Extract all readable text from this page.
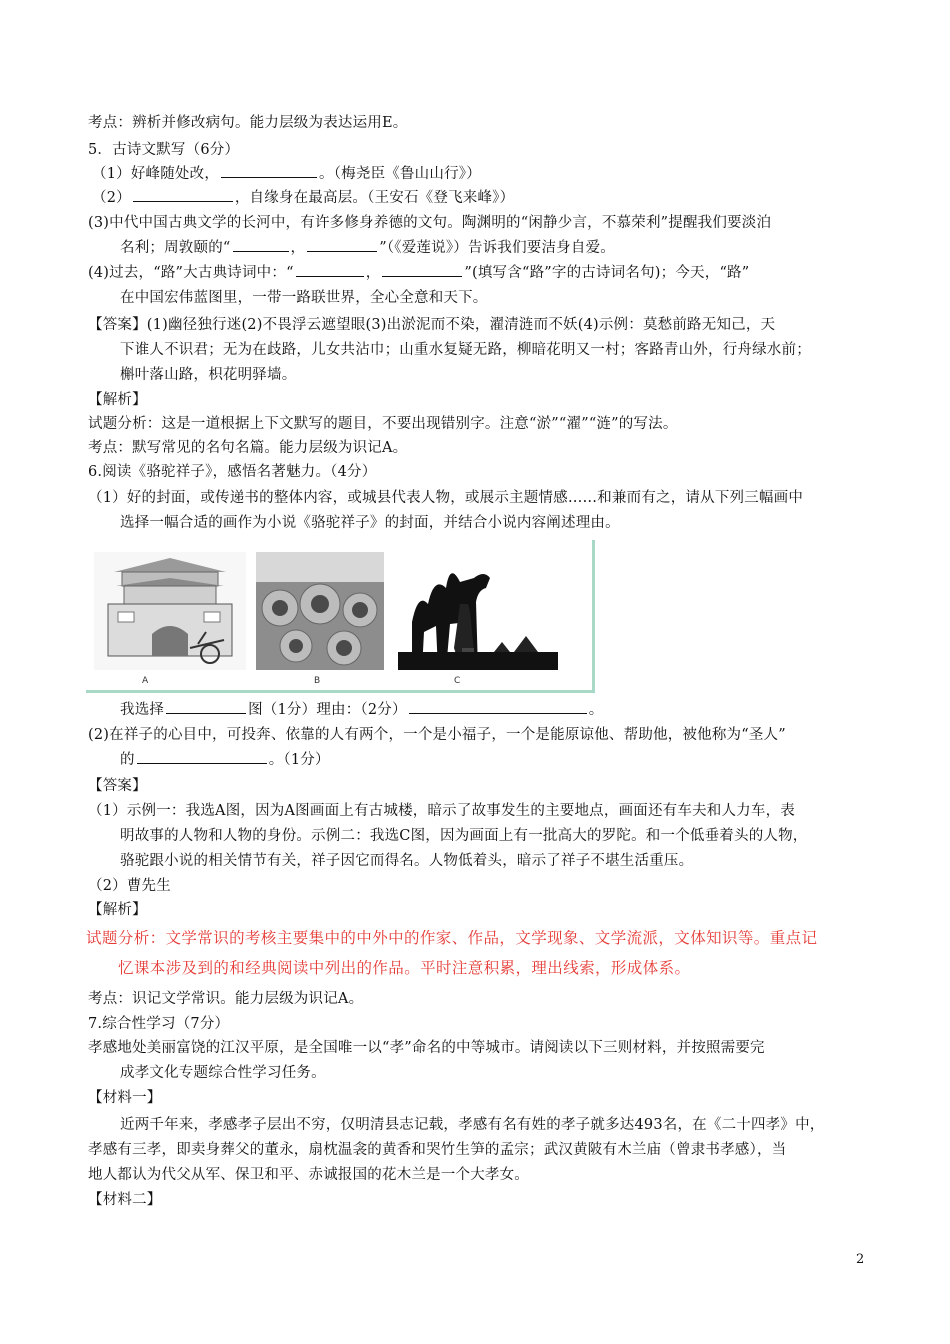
考点：辨析并修改病句。能力层级为表达运用E。
5．古诗文默写（6分）
（1）好峰随处改，	。（梅尧臣《鲁山山行》）
（2）	，自缘身在最高层。（王安石《登飞来峰》）
(3)中代中国古典文学的长河中，有许多修身养德的文句。陶渊明的“闲静少言，不慕荣利”提醒我们要淡泊
名利；周敦颐的“	，	”（《爱莲说》）告诉我们要洁身自爱。
(4)过去，“路”大古典诗词中：“	，	”(填写含“路”字的古诗词名句)；今天，“路”
在中国宏伟蓝图里，一带一路联世界，全心全意和天下。
【答案】(1)幽径独行迷(2)不畏浮云遮望眼(3)出淤泥而不染，濯清涟而不妖(4)示例：莫愁前路无知己，天
下谁人不识君；无为在歧路，儿女共沾巾；山重水复疑无路，柳暗花明又一村；客路青山外，行舟绿水前；
槲叶落山路，枳花明驿墙。
【解析】
试题分析：这是一道根据上下文默写的题目，不要出现错别字。注意“淤”“濯”“涟”的写法。
考点：默写常见的名句名篇。能力层级为识记A。
6.阅读《骆驼祥子》，感悟名著魅力。（4分）
（1）好的封面，或传递书的整体内容，或城县代表人物，或展示主题情感……和兼而有之，请从下列三幅画中
选择一幅合适的画作为小说《骆驼祥子》的封面，并结合小说内容阐述理由。
A	B	C
我选择	图（1分）理由：（2分）	。
(2)在祥子的心目中，可投奔、依靠的人有两个，一个是小福子，一个是能原谅他、帮助他，被他称为“圣人”
的	。（1分）
【答案】
（1）示例一：我选A图，因为A图画面上有古城楼，暗示了故事发生的主要地点，画面还有车夫和人力车，表
明故事的人物和人物的身份。示例二：我选C图，因为画面上有一批高大的罗陀。和一个低垂着头的人物，
骆驼跟小说的相关情节有关，祥子因它而得名。人物低着头，暗示了祥子不堪生活重压。
（2）曹先生
【解析】
试题分析：文学常识的考核主要集中的中外中的作家、作品，文学现象、文学流派，文体知识等。重点记
忆课本涉及到的和经典阅读中列出的作品。平时注意积累，理出线索，形成体系。
考点：识记文学常识。能力层级为识记A。
7.综合性学习（7分）
孝感地处美丽富饶的江汉平原，是全国唯一以“孝”命名的中等城市。请阅读以下三则材料，并按照需要完
成孝文化专题综合性学习任务。
【材料一】
近两千年来，孝感孝子层出不穷，仅明清县志记载，孝感有名有姓的孝子就多达493名，在《二十四孝》中，
孝感有三孝，即卖身葬父的董永，扇枕温衾的黄香和哭竹生笋的孟宗；武汉黄陂有木兰庙（曾隶书孝感），当
地人都认为代父从军、保卫和平、赤诚报国的花木兰是一个大孝女。
【材料二】
2
